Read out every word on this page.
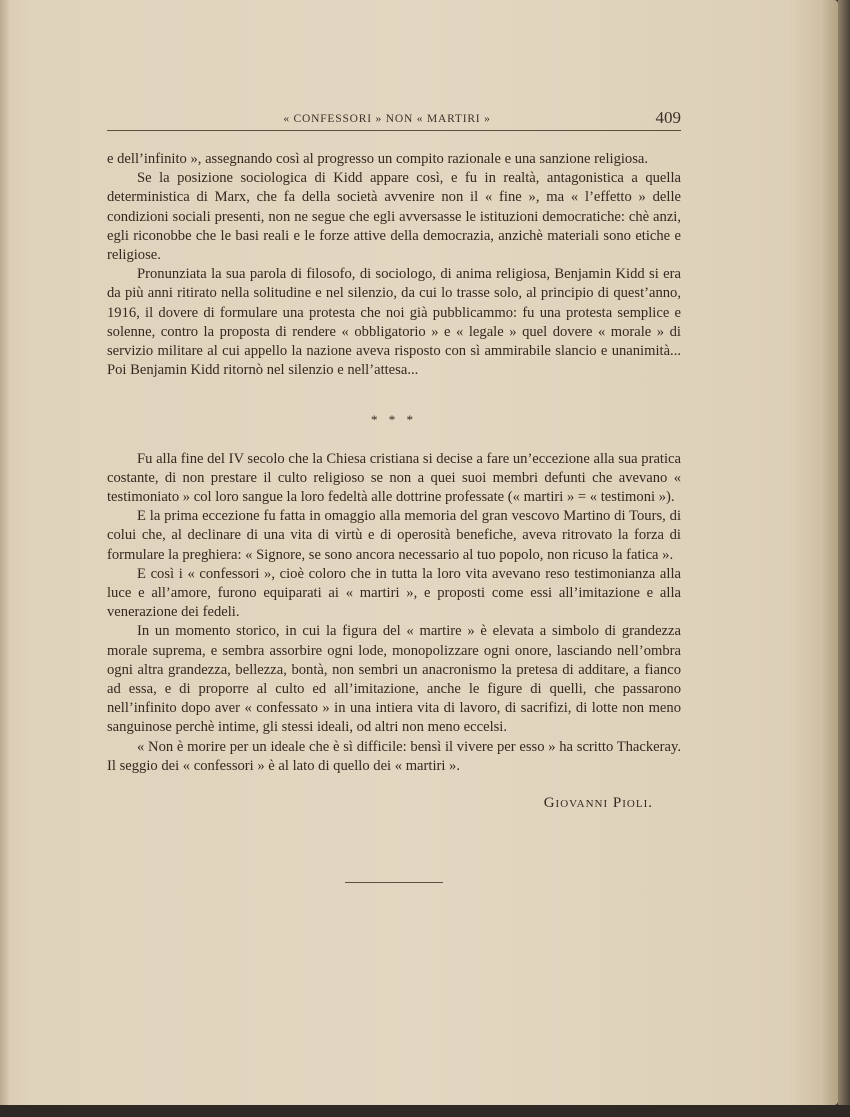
« CONFESSORI » NON « MARTIRI »	409

e dell’infinito », assegnando così al progresso un compito razionale e una sanzione religiosa.

Se la posizione sociologica di Kidd appare così, e fu in realtà, antagonistica a quella deterministica di Marx, che fa della società avvenire non il « fine », ma « l’effetto » delle condizioni sociali presenti, non ne segue che egli avversasse le istituzioni democratiche: chè anzi, egli riconobbe che le basi reali e le forze attive della democrazia, anzichè materiali sono etiche e religiose.

Pronunziata la sua parola di filosofo, di sociologo, di anima religiosa, Benjamin Kidd si era da più anni ritirato nella solitudine e nel silenzio, da cui lo trasse solo, al principio di quest’anno, 1916, il dovere di formulare una protesta che noi già pubblicammo: fu una protesta semplice e solenne, contro la proposta di rendere « obbligatorio » e « legale » quel dovere « morale » di servizio militare al cui appello la nazione aveva risposto con sì ammirabile slancio e unanimità... Poi Benjamin Kidd ritornò nel silenzio e nell’attesa...

* * *

Fu alla fine del IV secolo che la Chiesa cristiana si decise a fare un’eccezione alla sua pratica costante, di non prestare il culto religioso se non a quei suoi membri defunti che avevano « testimoniato » col loro sangue la loro fedeltà alle dottrine professate (« martiri » = « testimoni »).

E la prima eccezione fu fatta in omaggio alla memoria del gran vescovo Martino di Tours, di colui che, al declinare di una vita di virtù e di operosità benefiche, aveva ritrovato la forza di formulare la preghiera: « Signore, se sono ancora necessario al tuo popolo, non ricuso la fatica ».

E così i « confessori », cioè coloro che in tutta la loro vita avevano reso testimonianza alla luce e all’amore, furono equiparati ai « martiri », e proposti come essi all’imitazione e alla venerazione dei fedeli.

In un momento storico, in cui la figura del « martire » è elevata a simbolo di grandezza morale suprema, e sembra assorbire ogni lode, monopolizzare ogni onore, lasciando nell’ombra ogni altra grandezza, bellezza, bontà, non sembri un anacronismo la pretesa di additare, a fianco ad essa, e di proporre al culto ed all’imitazione, anche le figure di quelli, che passarono nell’infinito dopo aver « confessato » in una intiera vita di lavoro, di sacrifizi, di lotte non meno sanguinose perchè intime, gli stessi ideali, od altri non meno eccelsi.

« Non è morire per un ideale che è sì difficile: bensì il vivere per esso » ha scritto Thackeray. Il seggio dei « confessori » è al lato di quello dei « martiri ».

Giovanni Pioli.
